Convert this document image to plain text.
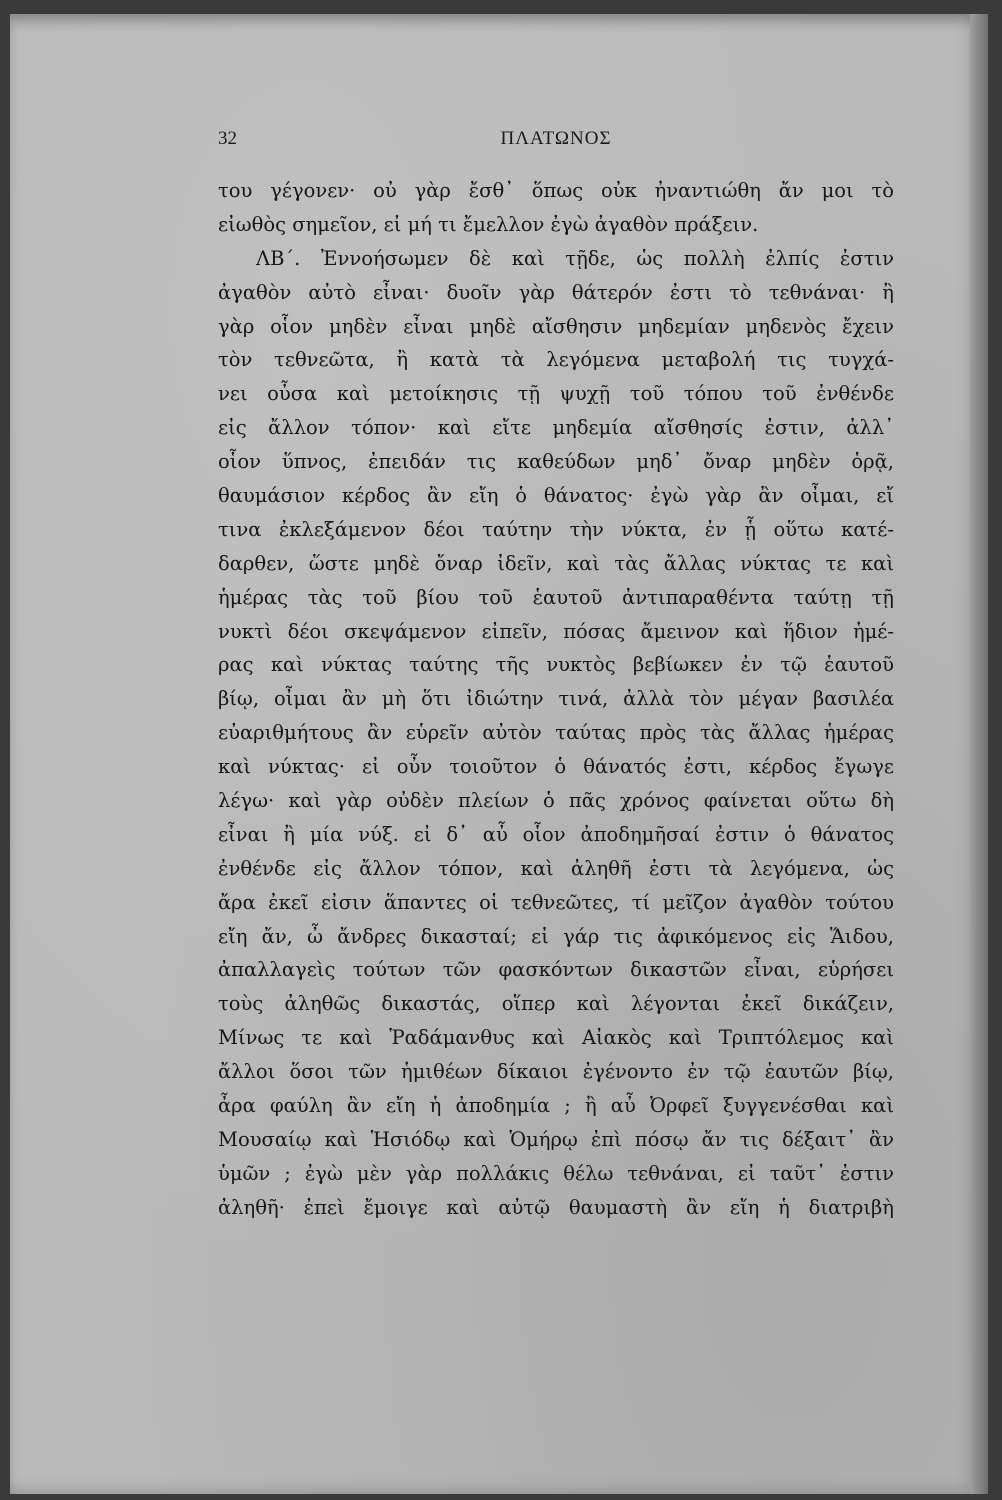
32	ΠΛΑΤΩΝΟΣ
του γέγονεν· οὐ γὰρ ἔσθ᾽ ὅπως οὐκ ἠναντιώθη ἄν μοι τὸ
εἰωθὸς σημεῖον, εἰ μή τι ἔμελλον ἐγὼ ἀγαθὸν πράξειν.
ΛΒ΄. Ἐννοήσωμεν δὲ καὶ τῇδε, ὡς πολλὴ ἐλπίς ἐστιν
ἀγαθὸν αὐτὸ εἶναι· δυοῖν γὰρ θάτερόν ἐστι τὸ τεθνάναι· ἢ
γὰρ οἷον μηδὲν εἶναι μηδὲ αἴσθησιν μηδεμίαν μηδενὸς ἔχειν
τὸν τεθνεῶτα, ἢ κατὰ τὰ λεγόμενα μεταβολή τις τυγχά-
νει οὖσα καὶ μετοίκησις τῇ ψυχῇ τοῦ τόπου τοῦ ἐνθένδε
εἰς ἄλλον τόπον· καὶ εἴτε μηδεμία αἴσθησίς ἐστιν, ἀλλ᾽
οἷον ὕπνος, ἐπειδάν τις καθεύδων μηδ᾽ ὄναρ μηδὲν ὁρᾷ,
θαυμάσιον κέρδος ἂν εἴη ὁ θάνατος· ἐγὼ γὰρ ἂν οἶμαι, εἴ
τινα ἐκλεξάμενον δέοι ταύτην τὴν νύκτα, ἐν ᾗ οὕτω κατέ-
δαρθεν, ὥστε μηδὲ ὄναρ ἰδεῖν, καὶ τὰς ἄλλας νύκτας τε καὶ
ἡμέρας τὰς τοῦ βίου τοῦ ἑαυτοῦ ἀντιπαραθέντα ταύτῃ τῇ
νυκτὶ δέοι σκεψάμενον εἰπεῖν, πόσας ἄμεινον καὶ ἥδιον ἡμέ-
ρας καὶ νύκτας ταύτης τῆς νυκτὸς βεβίωκεν ἐν τῷ ἑαυτοῦ
βίῳ, οἶμαι ἂν μὴ ὅτι ἰδιώτην τινά, ἀλλὰ τὸν μέγαν βασιλέα
εὐαριθμήτους ἂν εὑρεῖν αὐτὸν ταύτας πρὸς τὰς ἄλλας ἡμέρας
καὶ νύκτας· εἰ οὖν τοιοῦτον ὁ θάνατός ἐστι, κέρδος ἔγωγε
λέγω· καὶ γὰρ οὐδὲν πλείων ὁ πᾶς χρόνος φαίνεται οὕτω δὴ
εἶναι ἢ μία νύξ. εἰ δ᾽ αὖ οἷον ἀποδημῆσαί ἐστιν ὁ θάνατος
ἐνθένδε εἰς ἄλλον τόπον, καὶ ἀληθῆ ἐστι τὰ λεγόμενα, ὡς
ἄρα ἐκεῖ εἰσιν ἅπαντες οἱ τεθνεῶτες, τί μεῖζον ἀγαθὸν τούτου
εἴη ἄν, ὦ ἄνδρες δικασταί; εἰ γάρ τις ἀφικόμενος εἰς Ἅιδου,
ἀπαλλαγεὶς τούτων τῶν φασκόντων δικαστῶν εἶναι, εὑρήσει
τοὺς ἀληθῶς δικαστάς, οἵπερ καὶ λέγονται ἐκεῖ δικάζειν,
Μίνως τε καὶ Ῥαδάμανθυς καὶ Αἰακὸς καὶ Τριπτόλεμος καὶ
ἄλλοι ὅσοι τῶν ἡμιθέων δίκαιοι ἐγένοντο ἐν τῷ ἑαυτῶν βίῳ,
ἆρα φαύλη ἂν εἴη ἡ ἀποδημία ; ἢ αὖ Ὀρφεῖ ξυγγενέσθαι καὶ
Μουσαίῳ καὶ Ἡσιόδῳ καὶ Ὁμήρῳ ἐπὶ πόσῳ ἄν τις δέξαιτ᾽ ἂν
ὑμῶν ; ἐγὼ μὲν γὰρ πολλάκις θέλω τεθνάναι, εἰ ταῦτ᾽ ἐστιν
ἀληθῆ· ἐπεὶ ἔμοιγε καὶ αὐτῷ θαυμαστὴ ἂν εἴη ἡ διατριβὴ
